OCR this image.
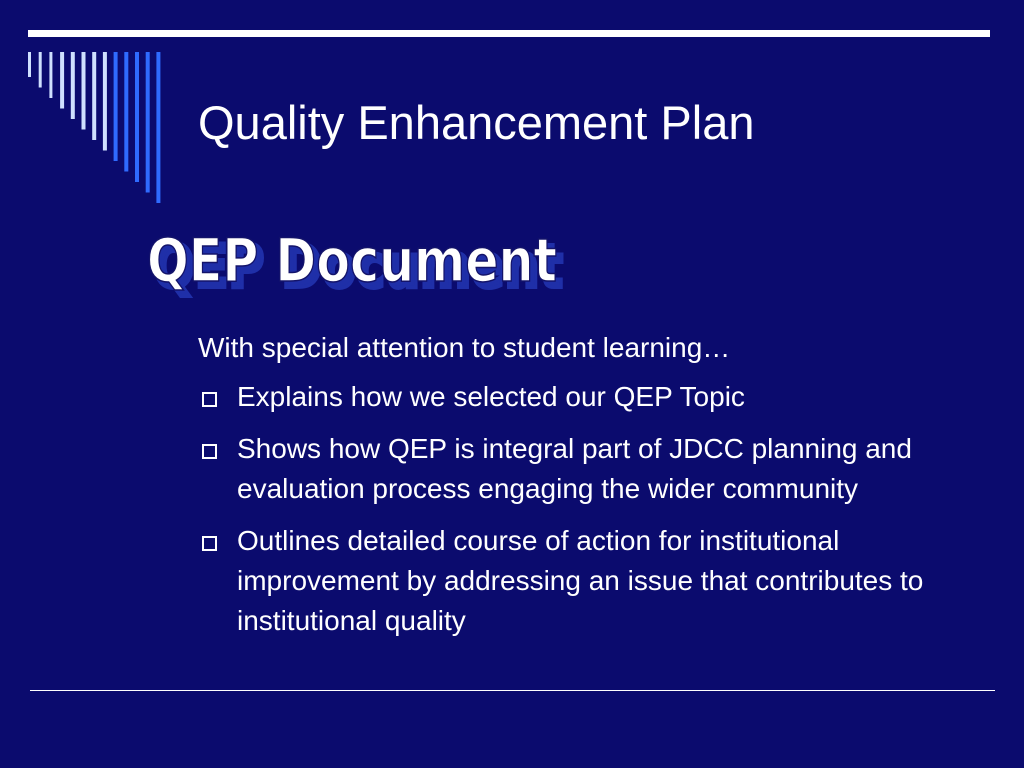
Quality Enhancement Plan
QEP Document
QEP Document

With special attention to student learning…

Explains how we selected our QEP Topic
Shows how QEP is integral part of JDCC planning and evaluation process engaging the wider community
Outlines detailed course of action for institutional improvement by addressing an issue that contributes to institutional quality
